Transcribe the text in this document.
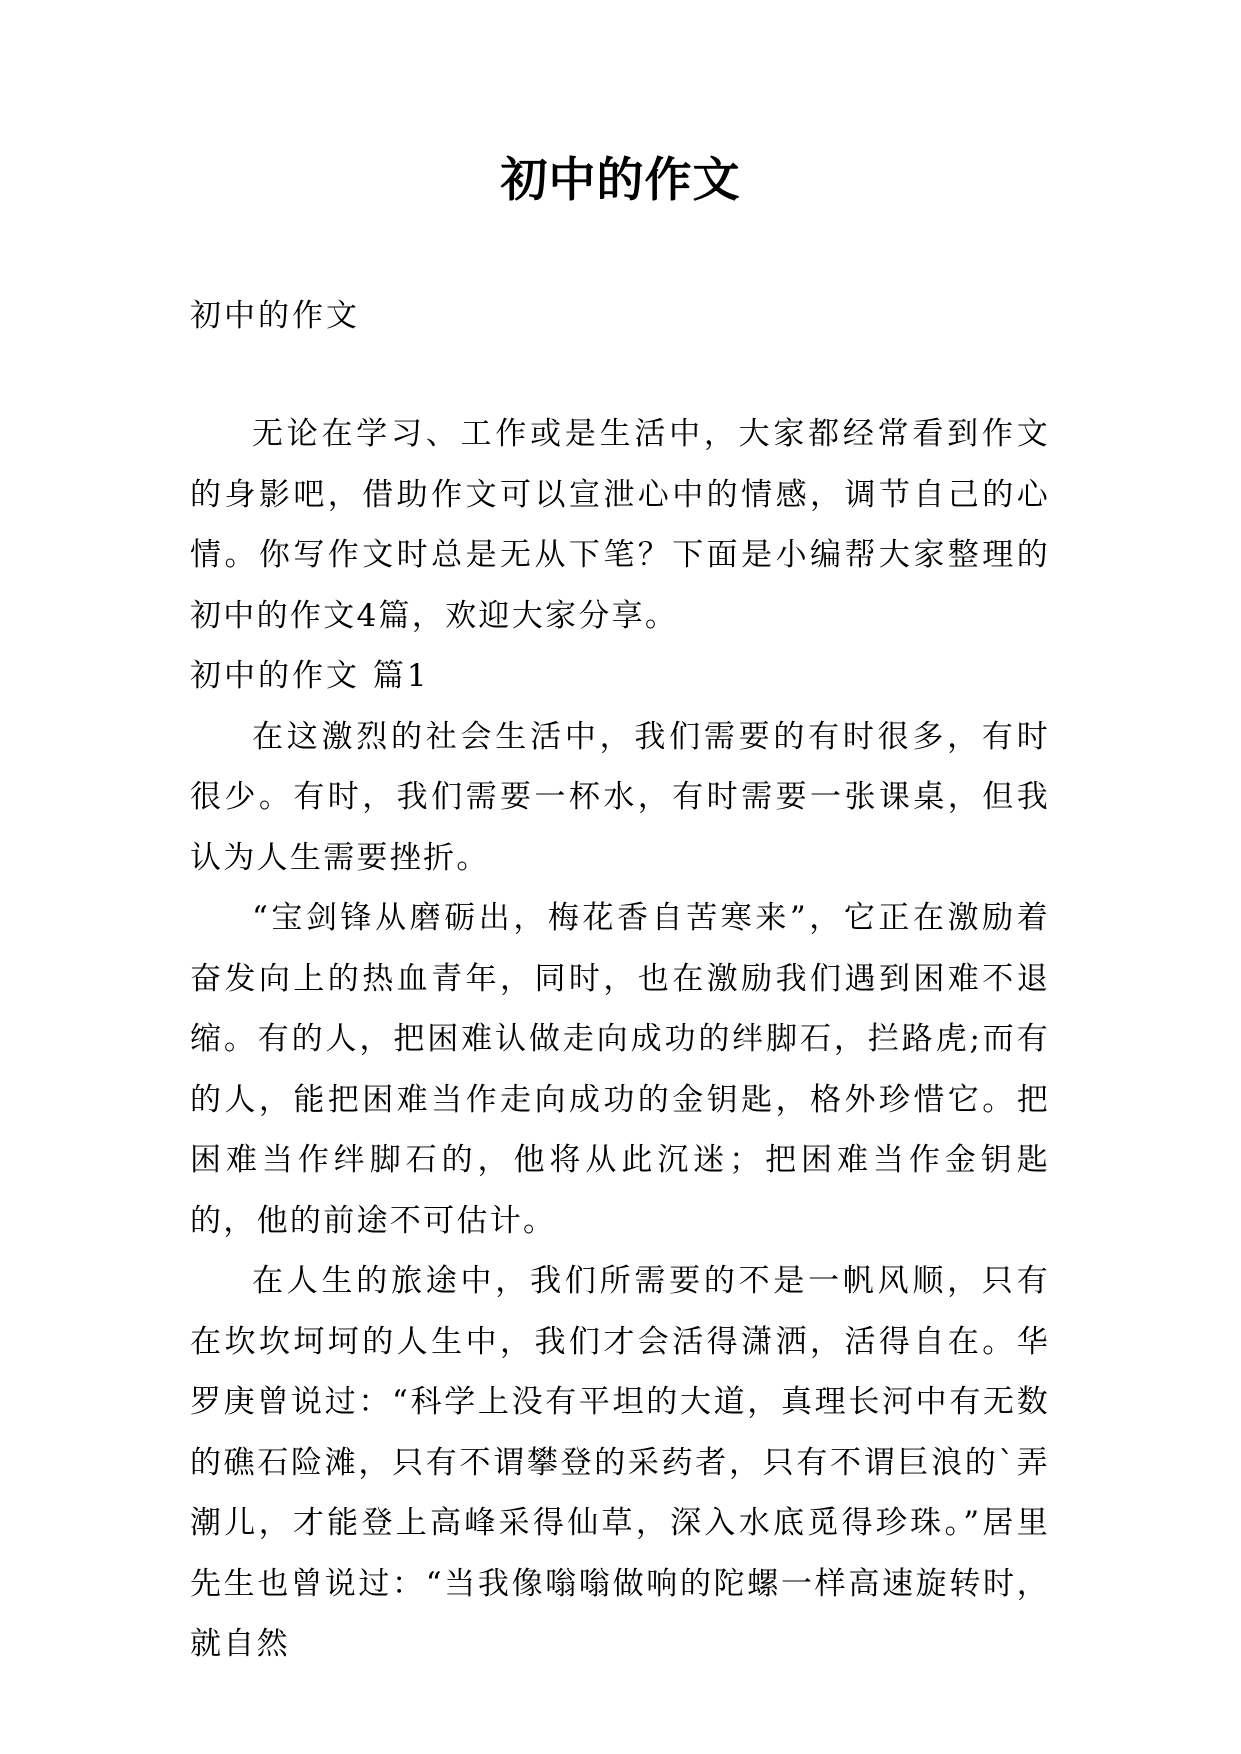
初中的作文
初中的作文

无论在学习、工作或是生活中，大家都经常看到作文的身影吧，借助作文可以宣泄心中的情感，调节自己的心情。你写作文时总是无从下笔？下面是小编帮大家整理的初中的作文4篇，欢迎大家分享。

初中的作文 篇1

在这激烈的社会生活中，我们需要的有时很多，有时很少。有时，我们需要一杯水，有时需要一张课桌，但我认为人生需要挫折。

“宝剑锋从磨砺出，梅花香自苦寒来”，它正在激励着奋发向上的热血青年，同时，也在激励我们遇到困难不退缩。有的人，把困难认做走向成功的绊脚石，拦路虎;而有的人，能把困难当作走向成功的金钥匙，格外珍惜它。把困难当作绊脚石的，他将从此沉迷；把困难当作金钥匙的，他的前途不可估计。

在人生的旅途中，我们所需要的不是一帆风顺，只有在坎坎坷坷的人生中，我们才会活得潇洒，活得自在。华罗庚曾说过：“科学上没有平坦的大道，真理长河中有无数的礁石险滩，只有不谓攀登的采药者，只有不谓巨浪的`弄潮儿，才能登上高峰采得仙草，深入水底觅得珍珠。”居里先生也曾说过：“当我像嗡嗡做响的陀螺一样高速旋转时，就自然
